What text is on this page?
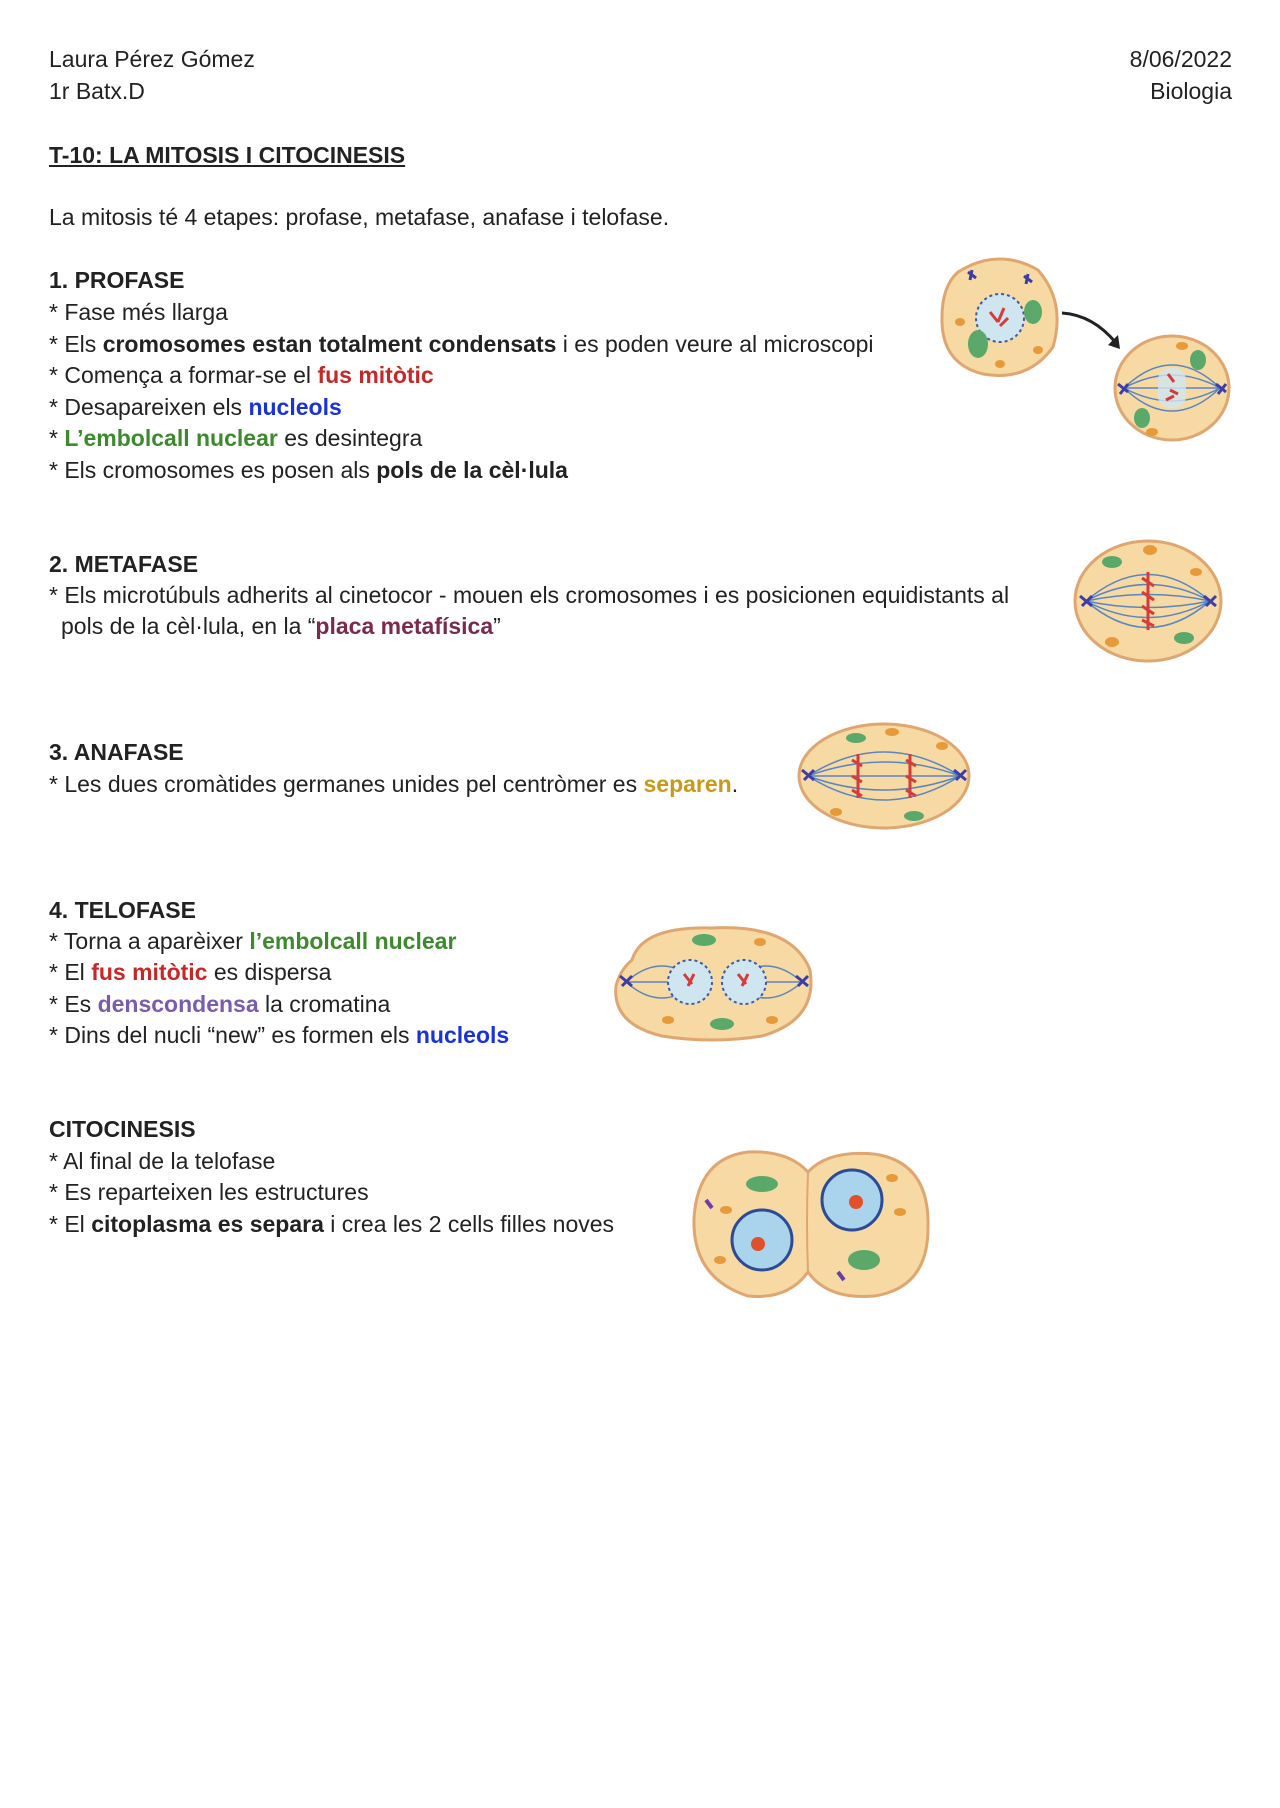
Laura Pérez Gómez
1r Batx.D
8/06/2022
Biologia
T-10: LA MITOSIS I CITOCINESIS
La mitosis té 4 etapes: profase, metafase, anafase i telofase.
1. PROFASE
* Fase més llarga
* Els cromosomes estan totalment condensats i es poden veure al microscopi
* Comença a formar-se el fus mitòtic
* Desapareixen els nucleols
* L’embolcall nuclear es desintegra
* Els cromosomes es posen als pols de la cèl·lula
2. METAFASE
* Els microtúbuls adherits al cinetocor - mouen els cromosomes i es posicionen equidistants al
pols de la cèl·lula, en la “placa metafísica”
3. ANAFASE
* Les dues cromàtides germanes unides pel centròmer es separen.
4. TELOFASE
* Torna a aparèixer l’embolcall nuclear
* El fus mitòtic es dispersa
* Es denscondensa la cromatina
* Dins del nucli “new” es formen els nucleols
CITOCINESIS
* Al final de la telofase
* Es reparteixen les estructures
* El citoplasma es separa i crea les 2 cells filles noves
